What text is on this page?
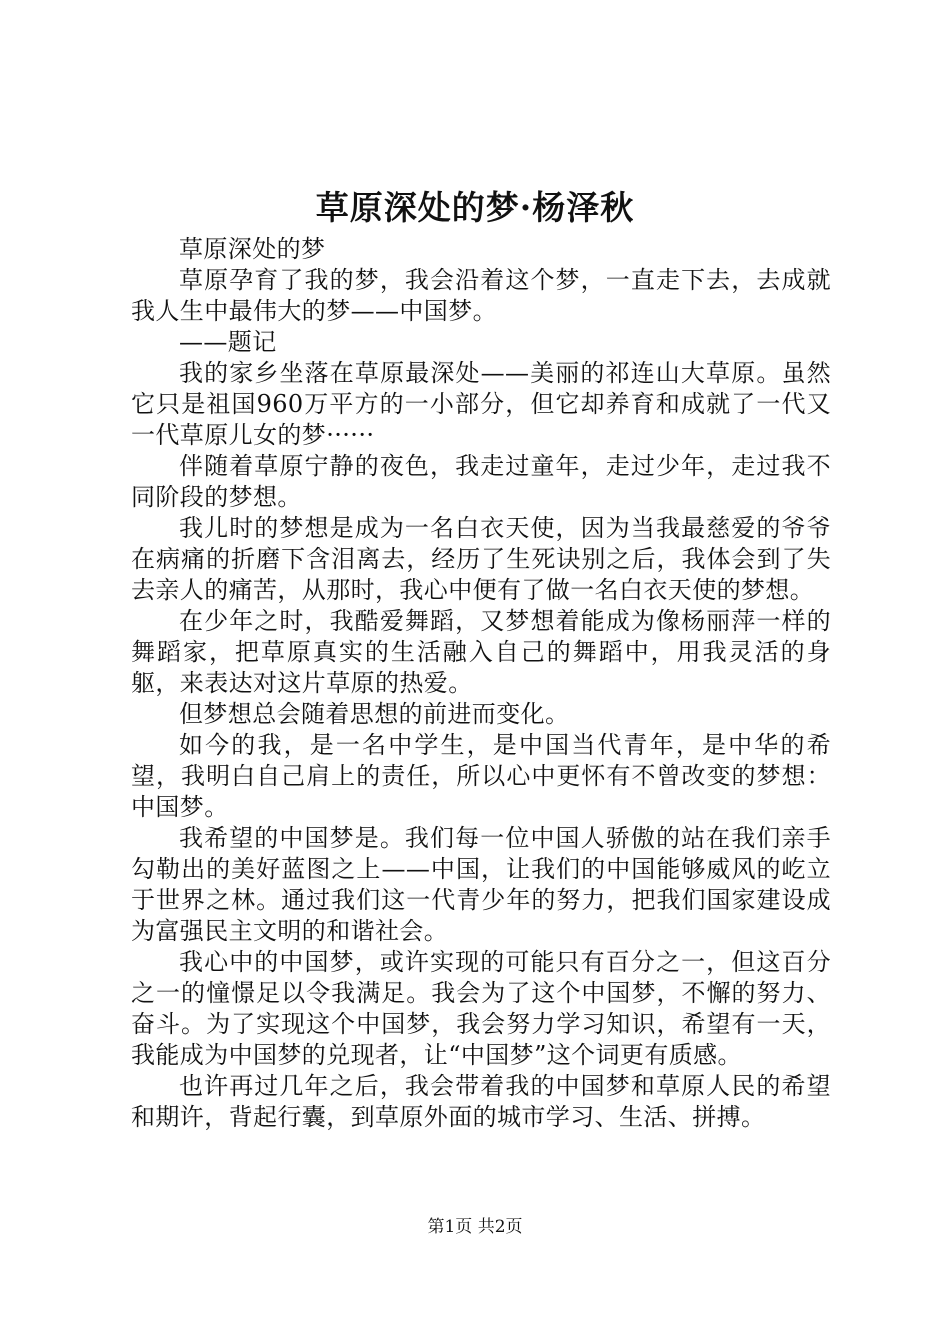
草原深处的梦·杨泽秋

草原深处的梦

草原孕育了我的梦，我会沿着这个梦，一直走下去，去成就我人生中最伟大的梦——中国梦。

——题记

我的家乡坐落在草原最深处——美丽的祁连山大草原。虽然它只是祖国960万平方的一小部分，但它却养育和成就了一代又一代草原儿女的梦······

伴随着草原宁静的夜色，我走过童年，走过少年，走过我不同阶段的梦想。

我儿时的梦想是成为一名白衣天使，因为当我最慈爱的爷爷在病痛的折磨下含泪离去，经历了生死诀别之后，我体会到了失去亲人的痛苦，从那时，我心中便有了做一名白衣天使的梦想。

在少年之时，我酷爱舞蹈，又梦想着能成为像杨丽萍一样的舞蹈家，把草原真实的生活融入自己的舞蹈中，用我灵活的身躯，来表达对这片草原的热爱。

但梦想总会随着思想的前进而变化。

如今的我，是一名中学生，是中国当代青年，是中华的希望，我明白自己肩上的责任，所以心中更怀有不曾改变的梦想：中国梦。

我希望的中国梦是。我们每一位中国人骄傲的站在我们亲手勾勒出的美好蓝图之上——中国，让我们的中国能够威风的屹立于世界之林。通过我们这一代青少年的努力，把我们国家建设成为富强民主文明的和谐社会。

我心中的中国梦，或许实现的可能只有百分之一，但这百分之一的憧憬足以令我满足。我会为了这个中国梦，不懈的努力、奋斗。为了实现这个中国梦，我会努力学习知识，希望有一天，我能成为中国梦的兑现者，让“中国梦”这个词更有质感。

也许再过几年之后，我会带着我的中国梦和草原人民的希望和期许，背起行囊，到草原外面的城市学习、生活、拼搏。

第1页 共2页
